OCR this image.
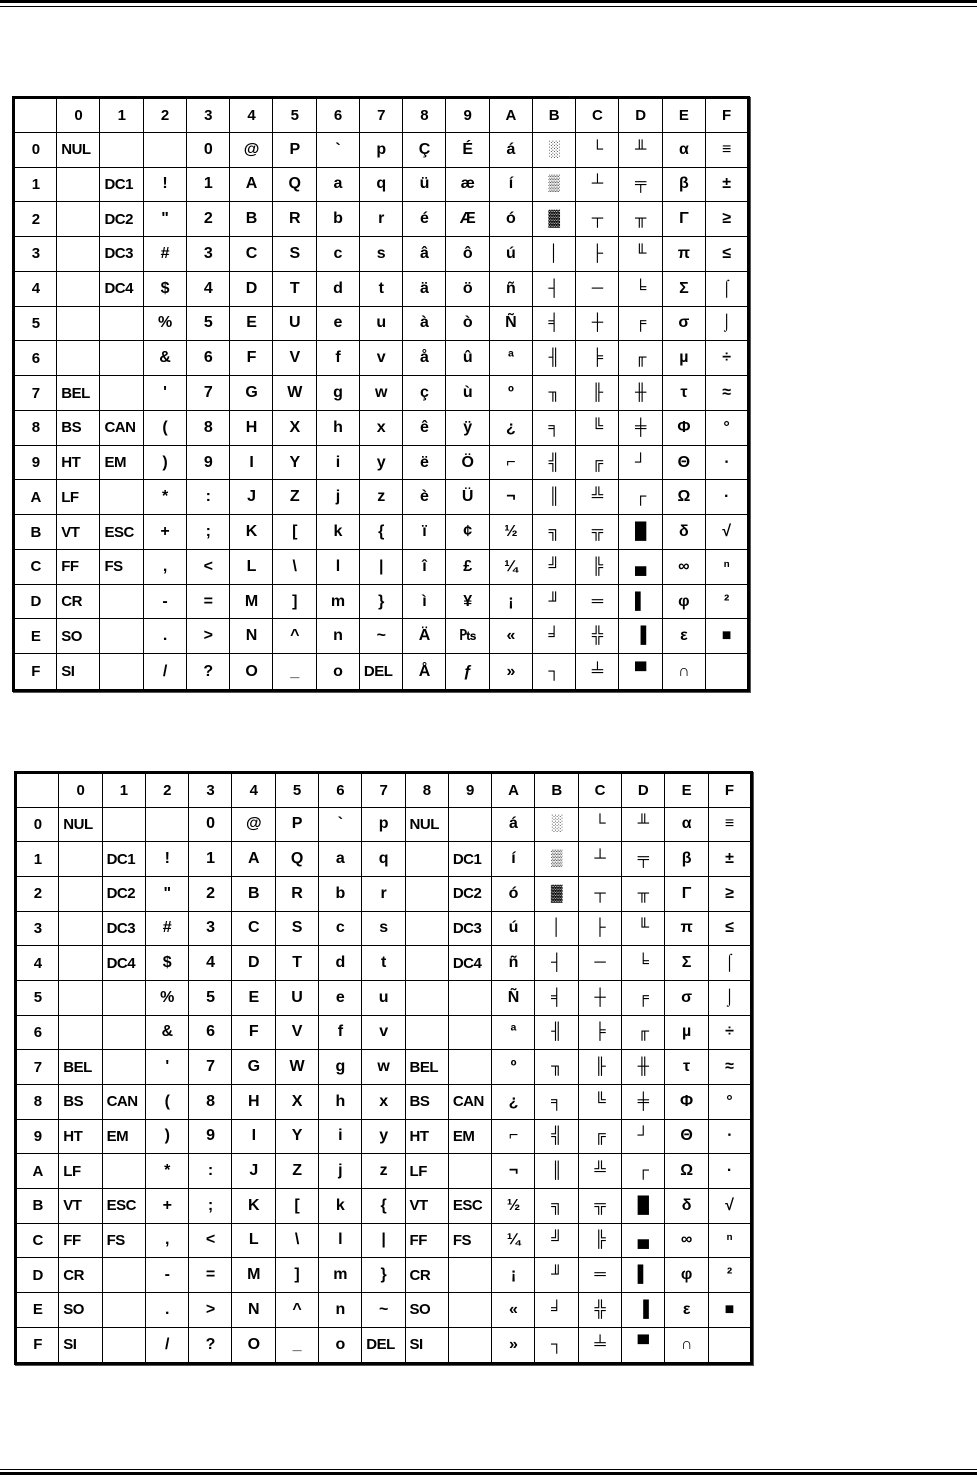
	0	1	2	3	4	5	6	7	8	9	A	B	C	D	E	F
0	NUL			0	@	P	`	p	Ç	É	á	░	└	╨	α	≡
1		DC1	!	1	A	Q	a	q	ü	æ	í	▒	┴	╤	β	±
2		DC2	"	2	B	R	b	r	é	Æ	ó	▓	┬	╥	Γ	≥
3		DC3	#	3	C	S	c	s	â	ô	ú	│	├	╙	π	≤
4		DC4	$	4	D	T	d	t	ä	ö	ñ	┤	─	╘	Σ	⌠
5			%	5	E	U	e	u	à	ò	Ñ	╡	┼	╒	σ	⌡
6			&	6	F	V	f	v	å	û	ª	╢	╞	╓	µ	÷
7	BEL		'	7	G	W	g	w	ç	ù	º	╖	╟	╫	τ	≈
8	BS	CAN	(	8	H	X	h	x	ê	ÿ	¿	╕	╚	╪	Φ	°
9	HT	EM	)	9	I	Y	i	y	ë	Ö	⌐	╣	╔	┘	Θ	∙
A	LF		*	:	J	Z	j	z	è	Ü	¬	║	╩	┌	Ω	·
B	VT	ESC	+	;	K	[	k	{	ï	¢	½	╗	╦	█	δ	√
C	FF	FS	,	<	L	\	l	|	î	£	¼	╝	╠	▄	∞	ⁿ
D	CR		-	=	M	]	m	}	ì	¥	¡	╜	═	▌	φ	²
E	SO		.	>	N	^	n	~	Ä	₧	«	╛	╬	▐	ε	■
F	SI		/	?	O	_	o	DEL	Å	ƒ	»	┐	╧	▀	∩	
	0	1	2	3	4	5	6	7	8	9	A	B	C	D	E	F
0	NUL			0	@	P	`	p	NUL		á	░	└	╨	α	≡
1		DC1	!	1	A	Q	a	q		DC1	í	▒	┴	╤	β	±
2		DC2	"	2	B	R	b	r		DC2	ó	▓	┬	╥	Γ	≥
3		DC3	#	3	C	S	c	s		DC3	ú	│	├	╙	π	≤
4		DC4	$	4	D	T	d	t		DC4	ñ	┤	─	╘	Σ	⌠
5			%	5	E	U	e	u			Ñ	╡	┼	╒	σ	⌡
6			&	6	F	V	f	v			ª	╢	╞	╓	µ	÷
7	BEL		'	7	G	W	g	w	BEL		º	╖	╟	╫	τ	≈
8	BS	CAN	(	8	H	X	h	x	BS	CAN	¿	╕	╚	╪	Φ	°
9	HT	EM	)	9	I	Y	i	y	HT	EM	⌐	╣	╔	┘	Θ	∙
A	LF		*	:	J	Z	j	z	LF		¬	║	╩	┌	Ω	·
B	VT	ESC	+	;	K	[	k	{	VT	ESC	½	╗	╦	█	δ	√
C	FF	FS	,	<	L	\	l	|	FF	FS	¼	╝	╠	▄	∞	ⁿ
D	CR		-	=	M	]	m	}	CR		¡	╜	═	▌	φ	²
E	SO		.	>	N	^	n	~	SO		«	╛	╬	▐	ε	■
F	SI		/	?	O	_	o	DEL	SI		»	┐	╧	▀	∩	
